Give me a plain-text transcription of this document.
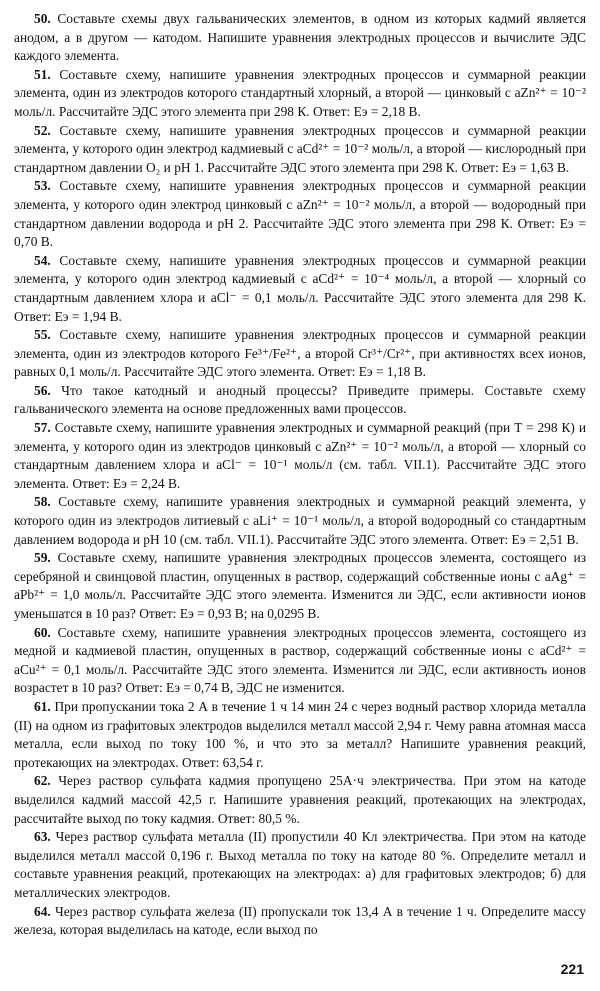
50. Составьте схемы двух гальванических элементов, в одном из которых кадмий является анодом, а в другом — катодом. Напишите уравнения электродных процессов и вычислите ЭДС каждого элемента.

51. Составьте схему, напишите уравнения электродных процессов и суммарной реакции элемента, один из электродов которого стандартный хлорный, а второй — цинковый с aZn²⁺ = 10⁻² моль/л. Рассчитайте ЭДС этого элемента при 298 К. Ответ: Eэ = 2,18 В.

52. Составьте схему, напишите уравнения электродных процессов и суммарной реакции элемента, у которого один электрод кадмиевый с aCd²⁺ = 10⁻² моль/л, а второй — кислородный при стандартном давлении O₂ и pH 1. Рассчитайте ЭДС этого элемента при 298 К. Ответ: Eэ = 1,63 В.

53. Составьте схему, напишите уравнения электродных процессов и суммарной реакции элемента, у которого один электрод цинковый с aZn²⁺ = 10⁻² моль/л, а второй — водородный при стандартном давлении водорода и pH 2. Рассчитайте ЭДС этого элемента при 298 К. Ответ: Eэ = 0,70 В.

54. Составьте схему, напишите уравнения электродных процессов и суммарной реакции элемента, у которого один электрод кадмиевый с aCd²⁺ = 10⁻⁴ моль/л, а второй — хлорный со стандартным давлением хлора и aCl⁻ = 0,1 моль/л. Рассчитайте ЭДС этого элемента для 298 К. Ответ: Eэ = 1,94 В.

55. Составьте схему, напишите уравнения электродных процессов и суммарной реакции элемента, один из электродов которого Fe³⁺/Fe²⁺, а второй Cr³⁺/Cr²⁺, при активностях всех ионов, равных 0,1 моль/л. Рассчитайте ЭДС этого элемента. Ответ: Eэ = 1,18 В.

56. Что такое катодный и анодный процессы? Приведите примеры. Составьте схему гальванического элемента на основе предложенных вами процессов.

57. Составьте схему, напишите уравнения электродных и суммарной реакций (при T = 298 К) и элемента, у которого один из электродов цинковый с aZn²⁺ = 10⁻² моль/л, а второй — хлорный со стандартным давлением хлора и aCl⁻ = 10⁻¹ моль/л (см. табл. VII.1). Рассчитайте ЭДС этого элемента. Ответ: Eэ = 2,24 В.

58. Составьте схему, напишите уравнения электродных и суммарной реакций элемента, у которого один из электродов литиевый с aLi⁺ = 10⁻¹ моль/л, а второй водородный со стандартным давлением водорода и pH 10 (см. табл. VII.1). Рассчитайте ЭДС этого элемента. Ответ: Eэ = 2,51 В.

59. Составьте схему, напишите уравнения электродных процессов элемента, состоящего из серебряной и свинцовой пластин, опущенных в раствор, содержащий собственные ионы с aAg⁺ = aPb²⁺ = 1,0 моль/л. Рассчитайте ЭДС этого элемента. Изменится ли ЭДС, если активности ионов уменьшатся в 10 раз? Ответ: Eэ = 0,93 В; на 0,0295 В.

60. Составьте схему, напишите уравнения электродных процессов элемента, состоящего из медной и кадмиевой пластин, опущенных в раствор, содержащий собственные ионы с aCd²⁺ = aCu²⁺ = 0,1 моль/л. Рассчитайте ЭДС этого элемента. Изменится ли ЭДС, если активность ионов возрастет в 10 раз? Ответ: Eэ = 0,74 В, ЭДС не изменится.

61. При пропускании тока 2 А в течение 1 ч 14 мин 24 с через водный раствор хлорида металла (II) на одном из графитовых электродов выделился металл массой 2,94 г. Чему равна атомная масса металла, если выход по току 100 %, и что это за металл? Напишите уравнения реакций, протекающих на электродах. Ответ: 63,54 г.

62. Через раствор сульфата кадмия пропущено 25А·ч электричества. При этом на катоде выделился кадмий массой 42,5 г. Напишите уравнения реакций, протекающих на электродах, рассчитайте выход по току кадмия. Ответ: 80,5 %.

63. Через раствор сульфата металла (II) пропустили 40 Кл электричества. При этом на катоде выделился металл массой 0,196 г. Выход металла по току на катоде 80 %. Определите металл и составьте уравнения реакций, протекающих на электродах: а) для графитовых электродов; б) для металлических электродов.

64. Через раствор сульфата железа (II) пропускали ток 13,4 А в течение 1 ч. Определите массу железа, которая выделилась на катоде, если выход по

221
